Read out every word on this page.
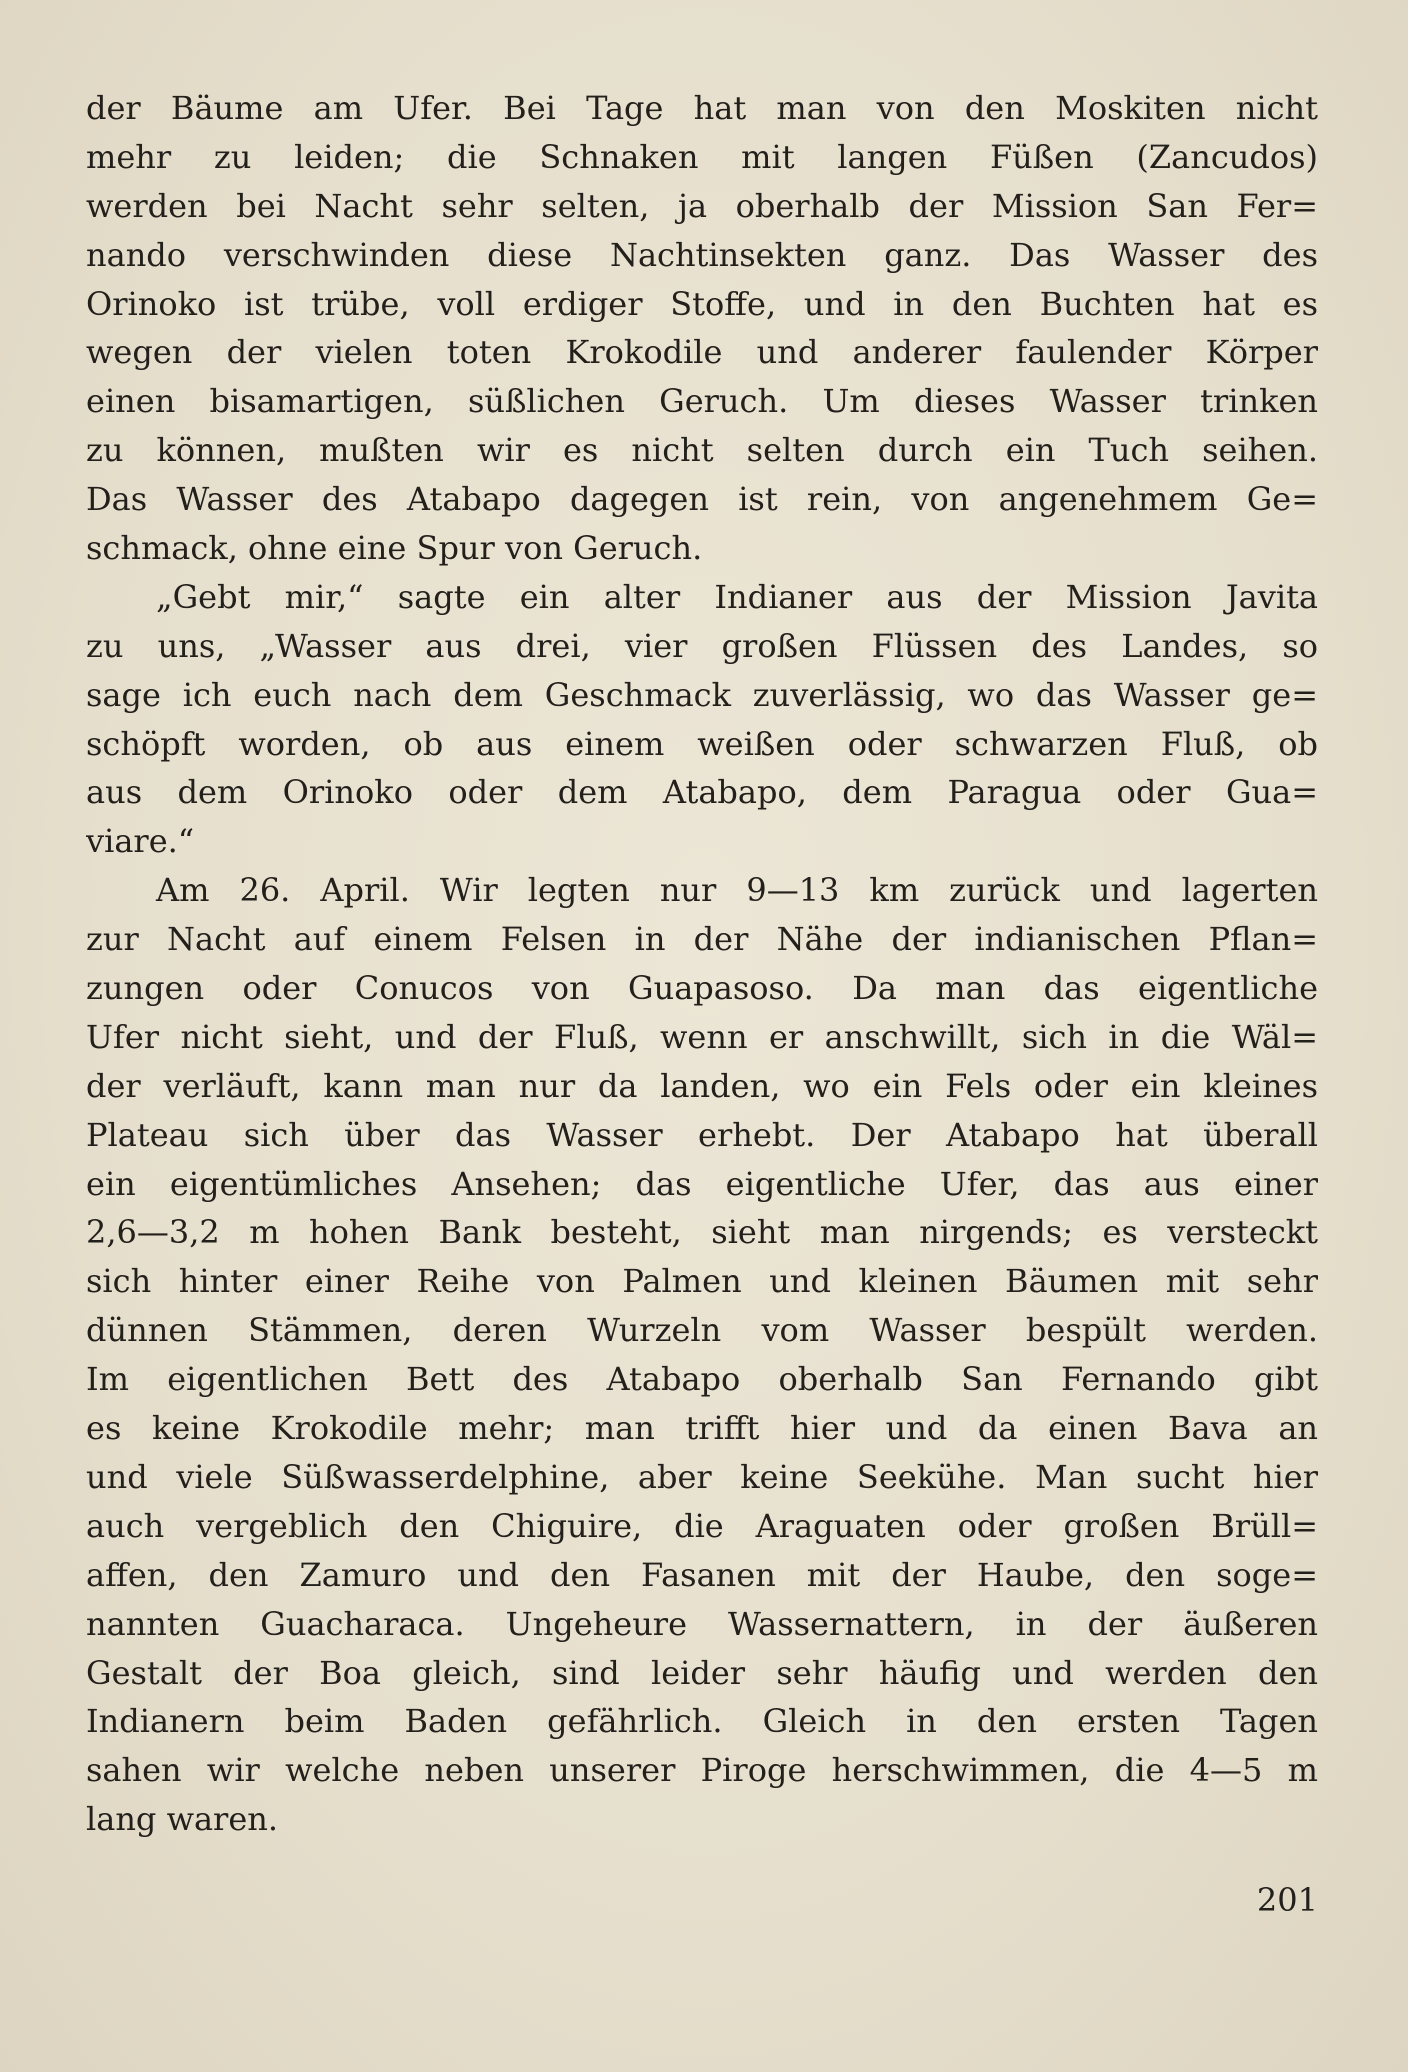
der Bäume am Ufer. Bei Tage hat man von den Moskiten nicht
mehr zu leiden; die Schnaken mit langen Füßen (Zancudos)
werden bei Nacht sehr selten, ja oberhalb der Mission San Fer=
nando verschwinden diese Nachtinsekten ganz. Das Wasser des
Orinoko ist trübe, voll erdiger Stoffe, und in den Buchten hat es
wegen der vielen toten Krokodile und anderer faulender Körper
einen bisamartigen, süßlichen Geruch. Um dieses Wasser trinken
zu können, mußten wir es nicht selten durch ein Tuch seihen.
Das Wasser des Atabapo dagegen ist rein, von angenehmem Ge=
schmack, ohne eine Spur von Geruch.
„Gebt mir,“ sagte ein alter Indianer aus der Mission Javita
zu uns, „Wasser aus drei, vier großen Flüssen des Landes, so
sage ich euch nach dem Geschmack zuverlässig, wo das Wasser ge=
schöpft worden, ob aus einem weißen oder schwarzen Fluß, ob
aus dem Orinoko oder dem Atabapo, dem Paragua oder Gua=
viare.“
Am 26. April. Wir legten nur 9—13 km zurück und lagerten
zur Nacht auf einem Felsen in der Nähe der indianischen Pflan=
zungen oder Conucos von Guapasoso. Da man das eigentliche
Ufer nicht sieht, und der Fluß, wenn er anschwillt, sich in die Wäl=
der verläuft, kann man nur da landen, wo ein Fels oder ein kleines
Plateau sich über das Wasser erhebt. Der Atabapo hat überall
ein eigentümliches Ansehen; das eigentliche Ufer, das aus einer
2,6—3,2 m hohen Bank besteht, sieht man nirgends; es versteckt
sich hinter einer Reihe von Palmen und kleinen Bäumen mit sehr
dünnen Stämmen, deren Wurzeln vom Wasser bespült werden.
Im eigentlichen Bett des Atabapo oberhalb San Fernando gibt
es keine Krokodile mehr; man trifft hier und da einen Bava an
und viele Süßwasserdelphine, aber keine Seekühe. Man sucht hier
auch vergeblich den Chiguire, die Araguaten oder großen Brüll=
affen, den Zamuro und den Fasanen mit der Haube, den soge=
nannten Guacharaca. Ungeheure Wassernattern, in der äußeren
Gestalt der Boa gleich, sind leider sehr häufig und werden den
Indianern beim Baden gefährlich. Gleich in den ersten Tagen
sahen wir welche neben unserer Piroge herschwimmen, die 4—5 m
lang waren.
201
